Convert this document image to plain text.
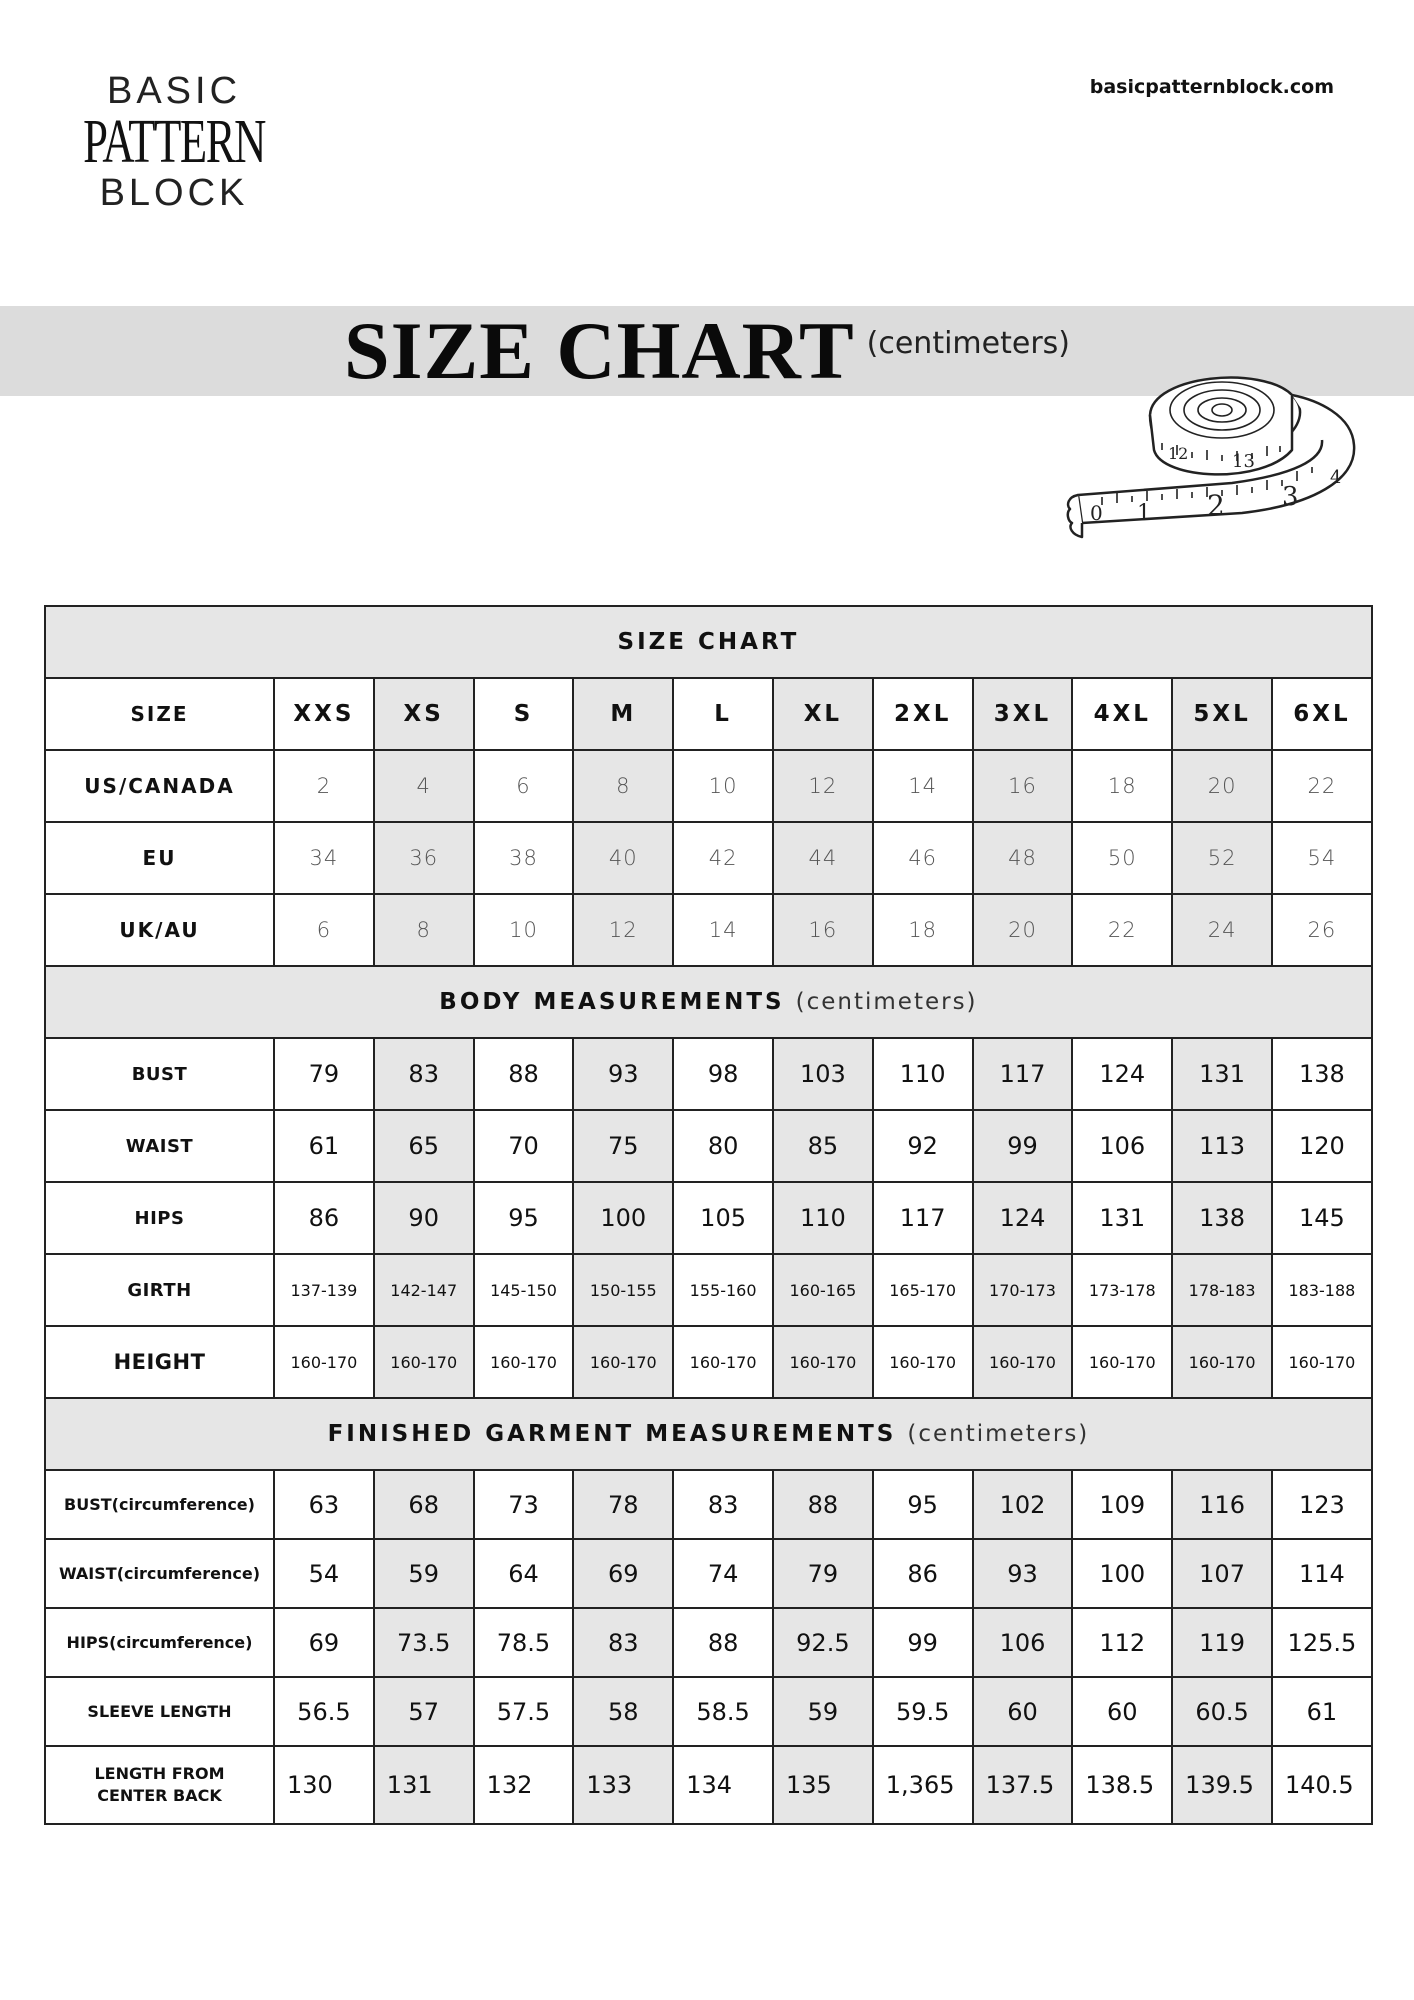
BASIC
PATTERN
BLOCK
basicpatternblock.com
SIZE CHART (centimeters)
0 1 2 3
4
12 13
SIZE CHART											
SIZE	XXS	XS	S	M	L	XL	2XL	3XL	4XL	5XL	6XL
US/CANADA	2	4	6	8	10	12	14	16	18	20	22
EU	34	36	38	40	42	44	46	48	50	52	54
UK/AU	6	8	10	12	14	16	18	20	22	24	26
BODY MEASUREMENTS (centimeters)											
BUST	79	83	88	93	98	103	110	117	124	131	138
WAIST	61	65	70	75	80	85	92	99	106	113	120
HIPS	86	90	95	100	105	110	117	124	131	138	145
GIRTH	137-139	142-147	145-150	150-155	155-160	160-165	165-170	170-173	173-178	178-183	183-188
HEIGHT	160-170	160-170	160-170	160-170	160-170	160-170	160-170	160-170	160-170	160-170	160-170
FINISHED GARMENT MEASUREMENTS (centimeters)											
BUST(circumference)	63	68	73	78	83	88	95	102	109	116	123
WAIST(circumference)	54	59	64	69	74	79	86	93	100	107	114
HIPS(circumference)	69	73.5	78.5	83	88	92.5	99	106	112	119	125.5
SLEEVE LENGTH	56.5	57	57.5	58	58.5	59	59.5	60	60	60.5	61
LENGTH FROM CENTER BACK	130	131	132	133	134	135	1,365	137.5	138.5	139.5	140.5
